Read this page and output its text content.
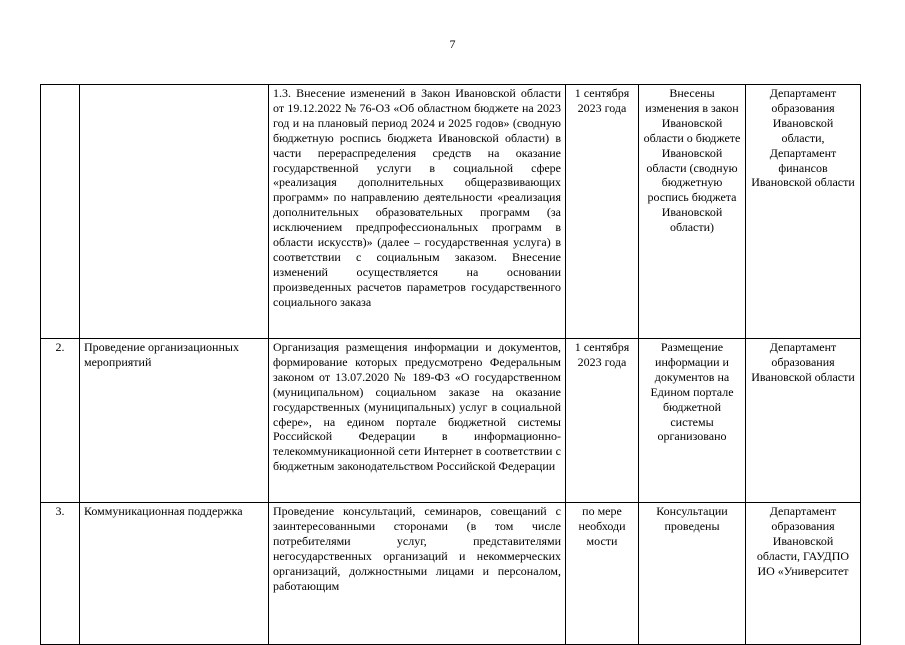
7
		1.3. Внесение изменений в Закон Ивановской области от 19.12.2022 № 76-ОЗ «Об областном бюджете на 2023 год и на плановый период 2024 и 2025 годов» (сводную бюджетную роспись бюджета Ивановской области) в части перераспределения средств на оказание государственной услуги в социальной сфере «реализация дополнительных общеразвивающих программ» по направлению деятельности «реализация дополнительных образовательных программ (за исключением предпрофессиональных программ в области искусств)» (далее – государственная услуга) в соответствии с социальным заказом. Внесение изменений осуществляется на основании произведенных расчетов параметров государственного социального заказа	1 сентября 2023 года	Внесены изменения в закон Ивановской области о бюджете Ивановской области (сводную бюджетную роспись бюджета Ивановской области)	Департамент образования Ивановской области, Департамент финансов Ивановской области
2.	Проведение организационных мероприятий	Организация размещения информации и документов, формирование которых предусмотрено Федеральным законом от 13.07.2020 № 189-ФЗ «О государственном (муниципальном) социальном заказе на оказание государственных (муниципальных) услуг в социальной сфере», на едином портале бюджетной системы Российской Федерации в информационно-телекоммуникационной сети Интернет в соответствии с бюджетным законодательством Российской Федерации	1 сентября 2023 года	Размещение информации и документов на Едином портале бюджетной системы организовано	Департамент образования Ивановской области
3.	Коммуникационная поддержка	Проведение консультаций, семинаров, совещаний с заинтересованными сторонами (в том числе потребителями услуг, представителями негосударственных организаций и некоммерческих организаций, должностными лицами и персоналом, работающим	по мере необходи мости	Консультации проведены	Департамент образования Ивановской области, ГАУДПО ИО «Университет
